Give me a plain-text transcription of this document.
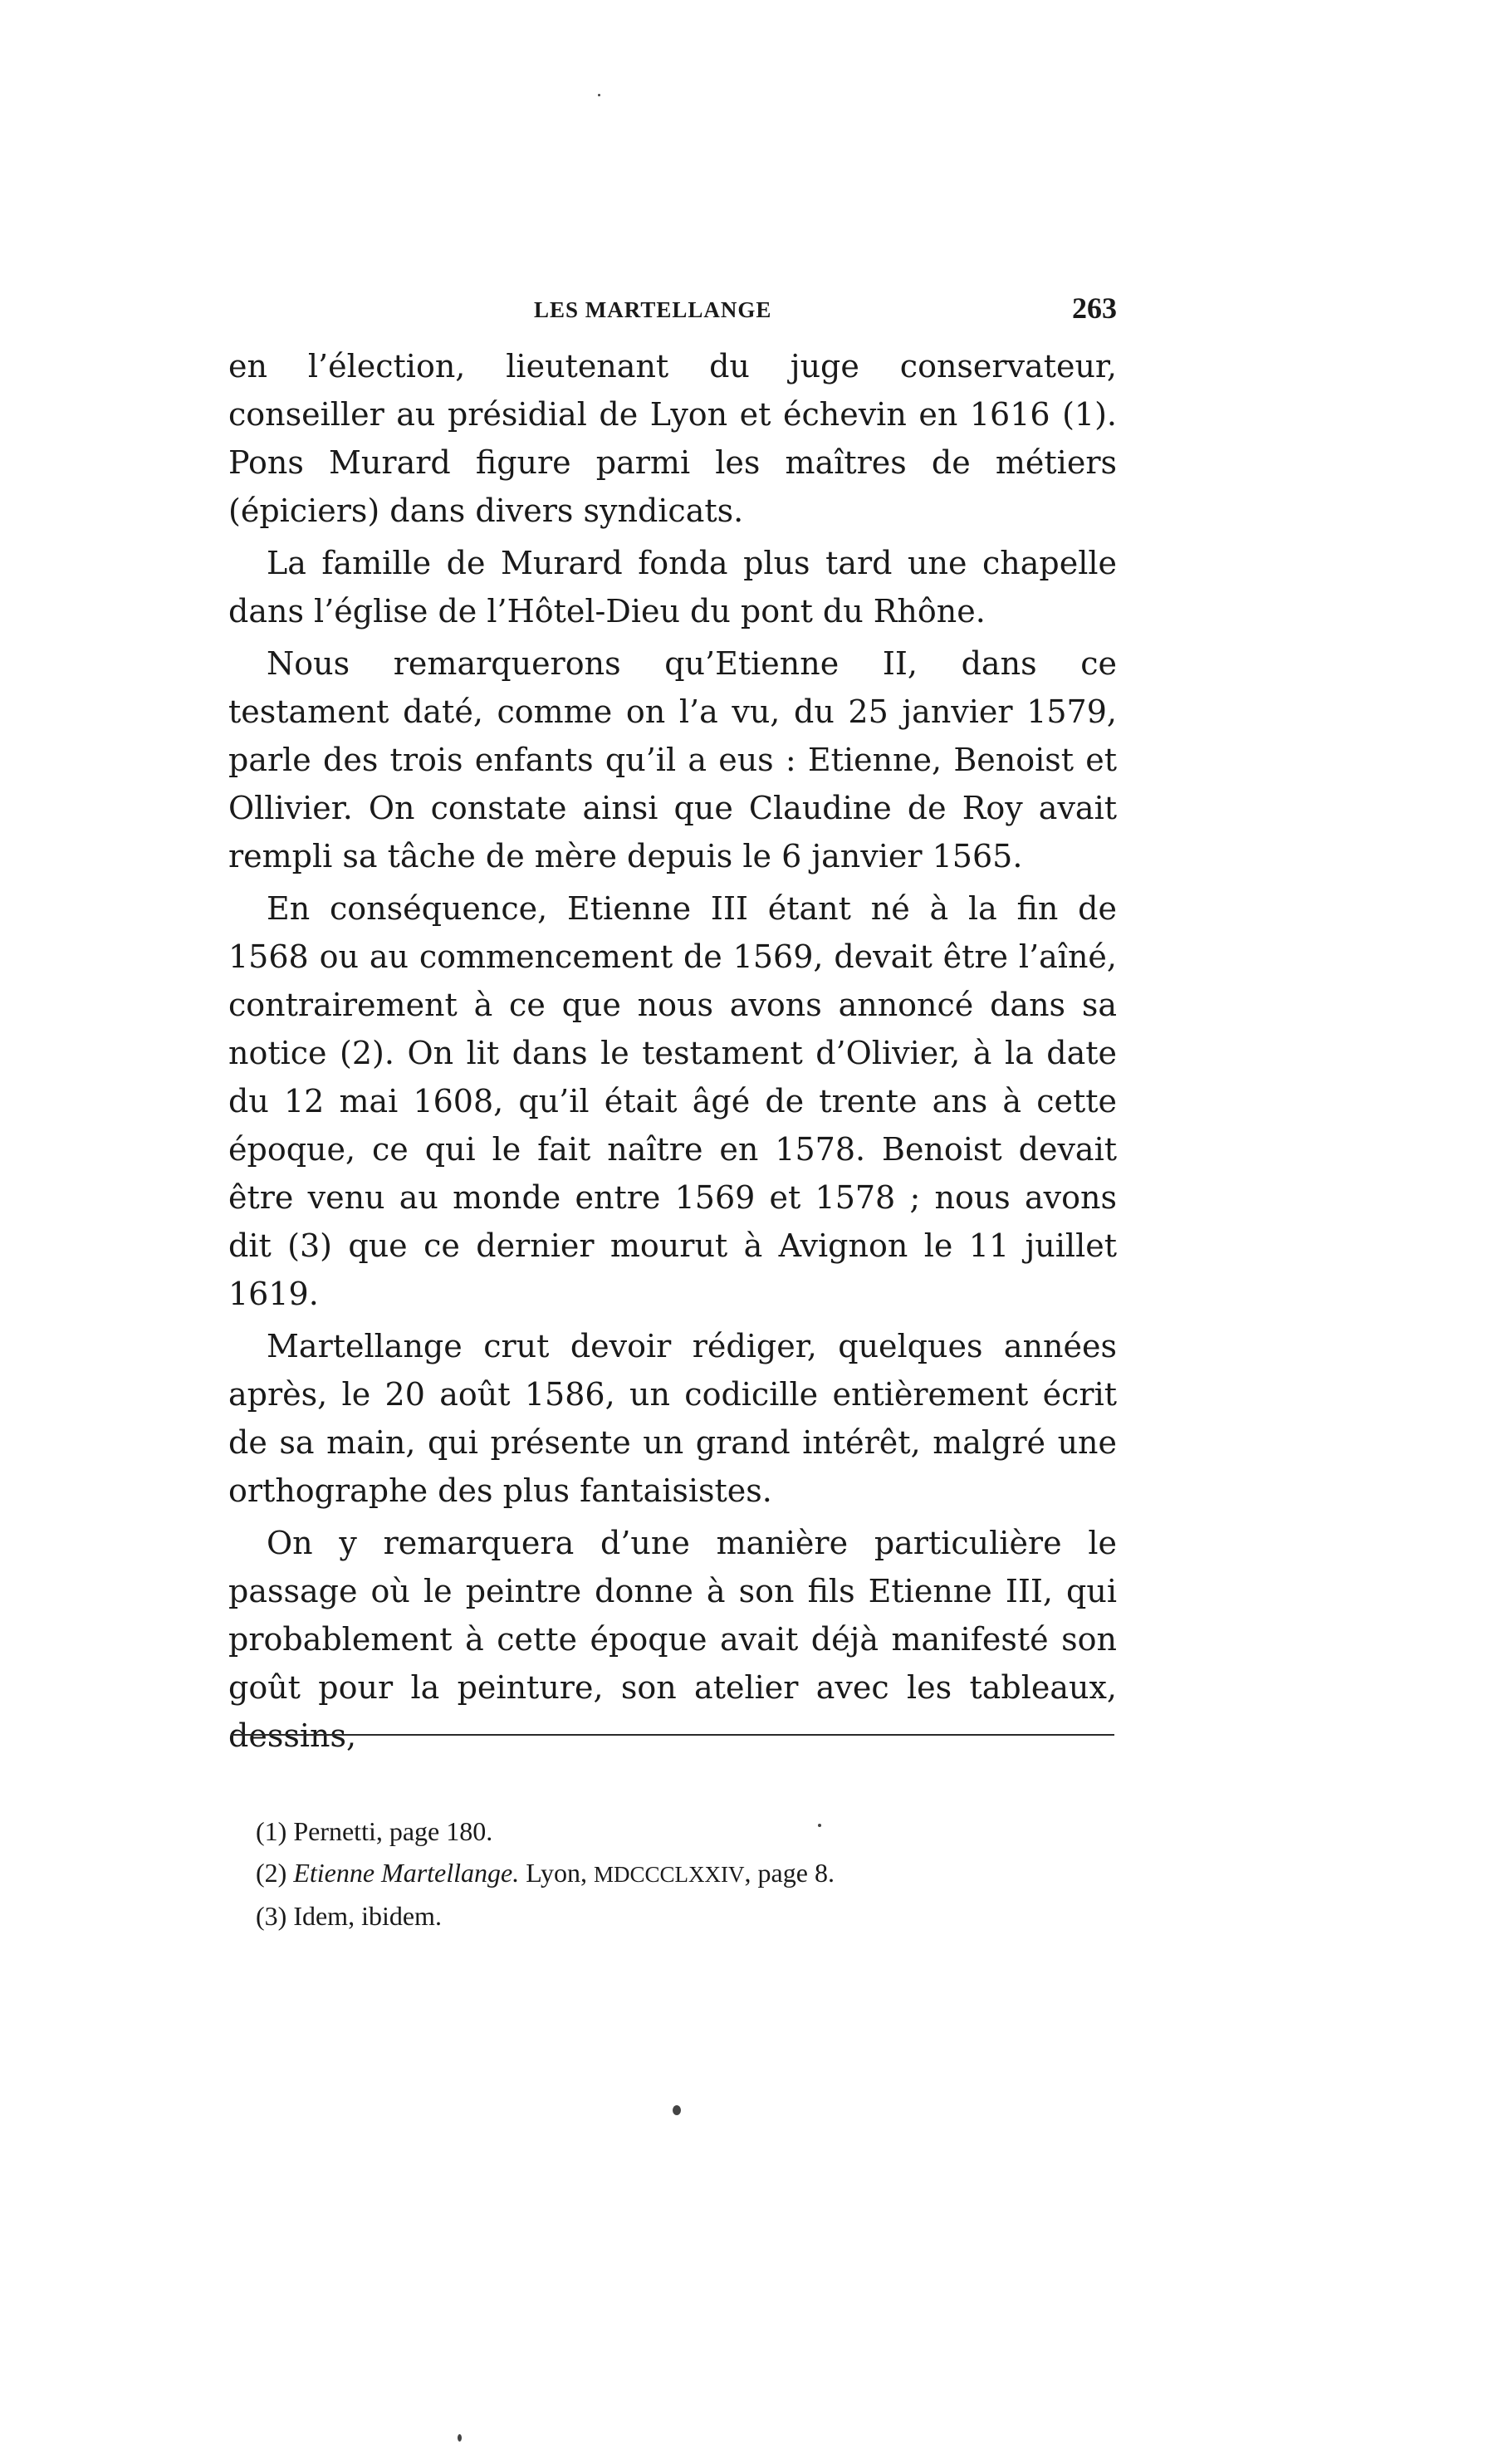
LES MARTELLANGE	263

en l’élection, lieutenant du juge conservateur, conseiller au présidial de Lyon et échevin en 1616 (1). Pons Murard figure parmi les maîtres de métiers (épiciers) dans divers syndicats.

La famille de Murard fonda plus tard une chapelle dans l’église de l’Hôtel-Dieu du pont du Rhône.

Nous remarquerons qu’Etienne II, dans ce testament daté, comme on l’a vu, du 25 janvier 1579, parle des trois enfants qu’il a eus : Etienne, Benoist et Ollivier. On constate ainsi que Claudine de Roy avait rempli sa tâche de mère depuis le 6 janvier 1565.

En conséquence, Etienne III étant né à la fin de 1568 ou au commencement de 1569, devait être l’aîné, contrairement à ce que nous avons annoncé dans sa notice (2). On lit dans le testament d’Olivier, à la date du 12 mai 1608, qu’il était âgé de trente ans à cette époque, ce qui le fait naître en 1578. Benoist devait être venu au monde entre 1569 et 1578 ; nous avons dit (3) que ce dernier mourut à Avignon le 11 juillet 1619.

Martellange crut devoir rédiger, quelques années après, le 20 août 1586, un codicille entièrement écrit de sa main, qui présente un grand intérêt, malgré une orthographe des plus fantaisistes.

On y remarquera d’une manière particulière le passage où le peintre donne à son fils Etienne III, qui probablement à cette époque avait déjà manifesté son goût pour la peinture, son atelier avec les tableaux, dessins,

(1) Pernetti, page 180.
(2) Etienne Martellange. Lyon, MDCCCLXXIV, page 8.
(3) Idem, ibidem.
